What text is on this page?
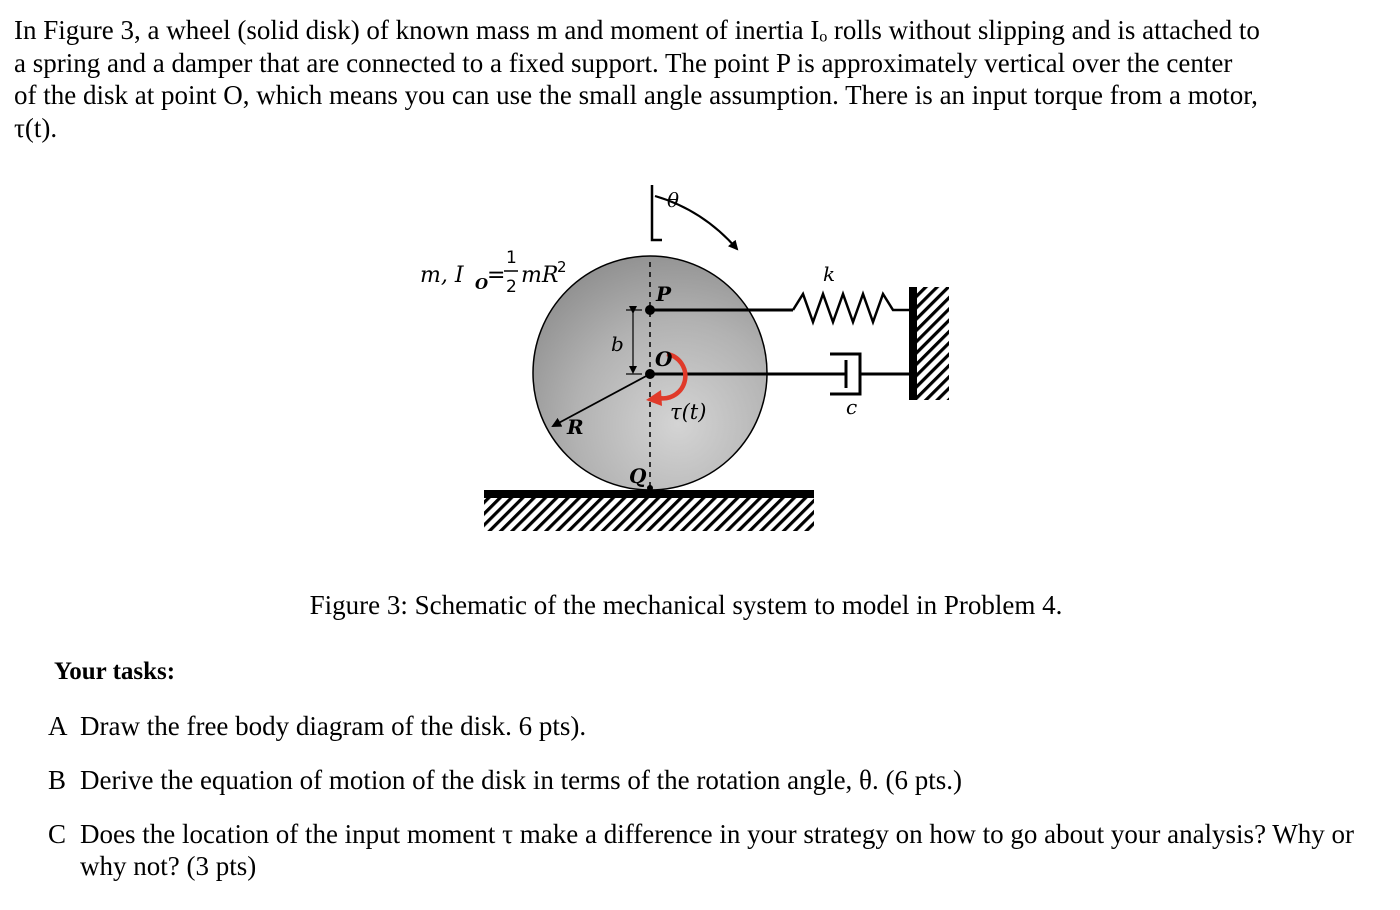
In Figure 3, a wheel (solid disk) of known mass m and moment of inertia Iₒ rolls without slipping and is attached to
a spring and a damper that are connected to a fixed support. The point P is approximately vertical over the center
of the disk at point O, which means you can use the small angle assumption. There is an input torque from a motor,
τ(t).
m, I O
=
1
2 mR
2
θ
P
O
Q
b
R
τ(t)
k
c
Figure 3: Schematic of the mechanical system to model in Problem 4.
Your tasks:
A Draw the free body diagram of the disk. 6 pts).
B Derive the equation of motion of the disk in terms of the rotation angle, θ. (6 pts.)
C Does the location of the input moment τ make a difference in your strategy on how to go about your analysis? Why or why not? (3 pts)
